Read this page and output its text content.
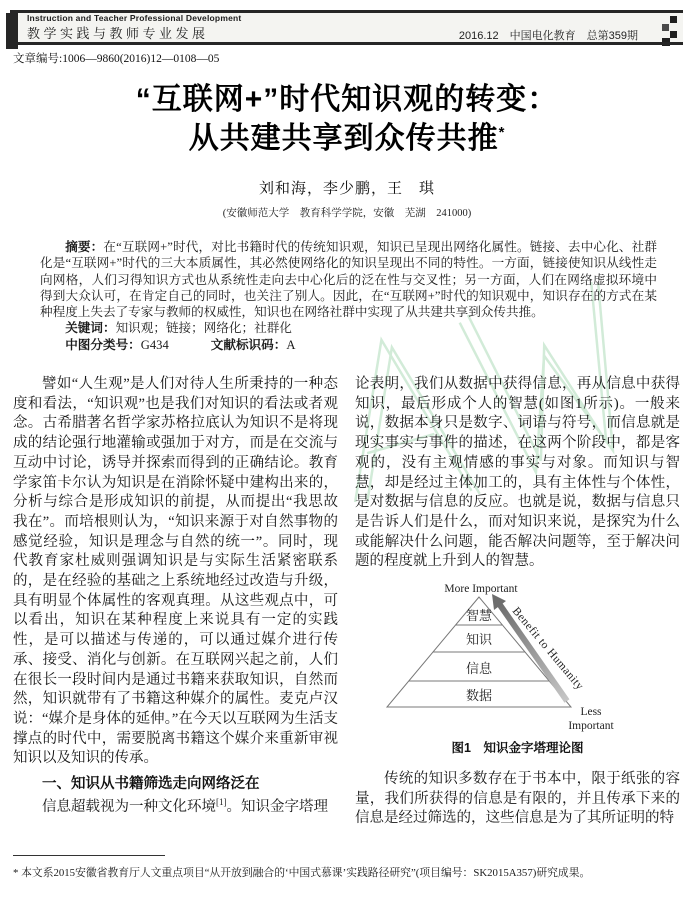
Instruction and Teacher Professional Development
教学实践与教师专业发展	2016.12　中国电化教育　总第359期
文章编号:1006—9860(2016)12—0108—05
“互联网+”时代知识观的转变：
从共建共享到众传共推*
刘和海，李少鹏，王　琪
(安徽师范大学　教育科学学院，安徽　芜湖　241000)

摘要：在“互联网+”时代，对比书籍时代的传统知识观，知识已呈现出网络化属性。链接、去中心化、社群化是“互联网+”时代的三大本质属性，其必然使网络化的知识呈现出不同的特性。一方面，链接使知识从线性走向网格，人们习得知识方式也从系统性走向去中心化后的泛在性与交叉性；另一方面，人们在网络虚拟环境中得到大众认可，在肯定自己的同时，也关注了别人。因此，在“互联网+”时代的知识观中，知识存在的方式在某种程度上失去了专家与教师的权威性，知识也在网络社群中实现了从共建共享到众传共推。

关键词：知识观；链接；网络化；社群化

中图分类号：G434	文献标识码：A

譬如“人生观”是人们对待人生所秉持的一种态度和看法，“知识观”也是我们对知识的看法或者观念。古希腊著名哲学家苏格拉底认为知识不是将现成的结论强行地灌输或强加于对方，而是在交流与互动中讨论，诱导并探索而得到的正确结论。教育学家笛卡尔认为知识是在消除怀疑中建构出来的，分析与综合是形成知识的前提，从而提出“我思故我在”。而培根则认为，“知识来源于对自然事物的感觉经验，知识是理念与自然的统一”。同时，现代教育家杜威则强调知识是与实际生活紧密联系的，是在经验的基础之上系统地经过改造与升级，具有明显个体属性的客观真理。从这些观点中，可以看出，知识在某种程度上来说具有一定的实践性，是可以描述与传递的，可以通过媒介进行传承、接受、消化与创新。在互联网兴起之前，人们在很长一段时间内是通过书籍来获取知识，自然而然，知识就带有了书籍这种媒介的属性。麦克卢汉说：“媒介是身体的延伸。”在今天以互联网为生活支撑点的时代中，需要脱离书籍这个媒介来重新审视知识以及知识的传承。

一、知识从书籍筛选走向网络泛在

信息超载视为一种文化环境[1]。知识金字塔理

论表明，我们从数据中获得信息，再从信息中获得知识，最后形成个人的智慧(如图1所示)。一般来说，数据本身只是数字、词语与符号，而信息就是现实事实与事件的描述，在这两个阶段中，都是客观的，没有主观情感的事实与对象。而知识与智慧，却是经过主体加工的，具有主体性与个体性，是对数据与信息的反应。也就是说，数据与信息只是告诉人们是什么，而对知识来说，是探究为什么或能解决什么问题，能否解决问题等，至于解决问题的程度就上升到人的智慧。

More Important
智慧
知识
信息
数据
Benefit to Humanity
Less
Important
图1　知识金字塔理论图

传统的知识多数存在于书本中，限于纸张的容量，我们所获得的信息是有限的，并且传承下来的信息是经过筛选的，这些信息是为了其所证明的特

* 本文系2015安徽省教育厅人文重点项目“从开放到融合的‘中国式慕课’实践路径研究”(项目编号：SK2015A357)研究成果。
